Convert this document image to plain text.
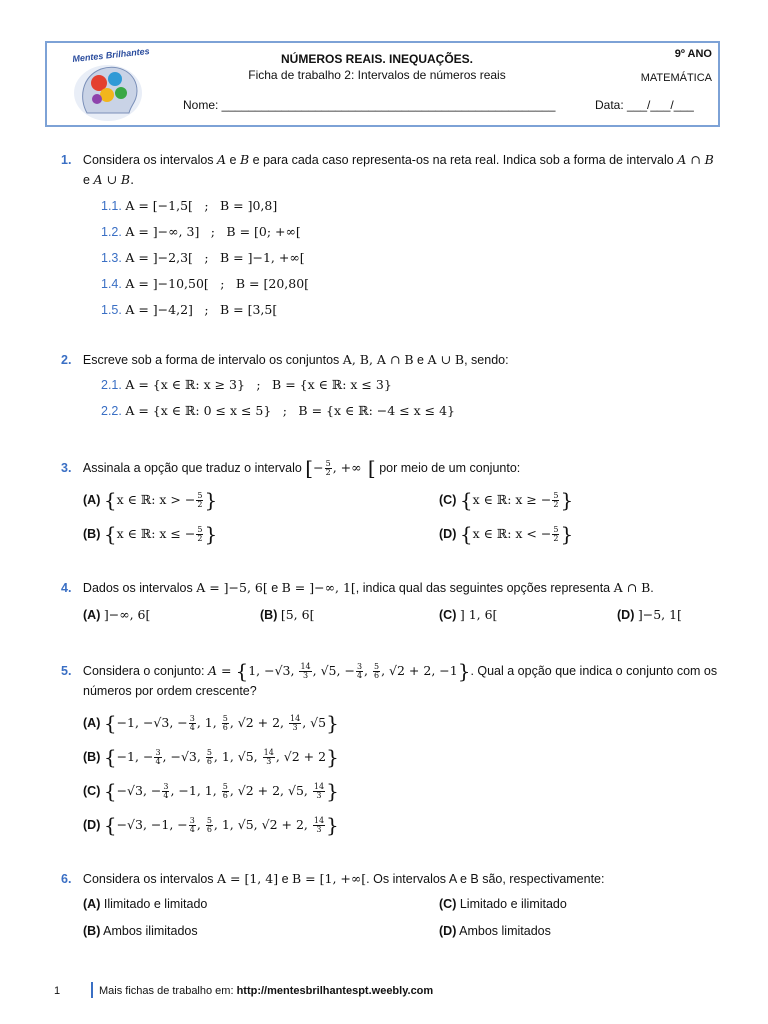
Mentes Brilhantes	NÚMEROS REAIS. INEQUAÇÕES.
Ficha de trabalho 2: Intervalos de números reais
Nome: __________________________________________________	Data: ___/___/___
9º ANO
MATEMÁTICA
1. Considera os intervalos A e B e para cada caso representa-os na reta real. Indica sob a forma de intervalo A ∩ B
e A ∪ B.
1.1. A = [−1,5[   ;   B = ]0,8]
1.2. A = ]−∞, 3]   ;   B = [0; +∞[
1.3. A = ]−2,3[   ;   B = ]−1, +∞[
1.4. A = ]−10,50[   ;   B = [20,80[
1.5. A = ]−4,2]   ;   B = [3,5[
2. Escreve sob a forma de intervalo os conjuntos A, B, A ∩ B e A ∪ B, sendo:
2.1. A = {x ∈ ℝ: x ≥ 3}   ;   B = {x ∈ ℝ: x ≤ 3}
2.2. A = {x ∈ ℝ: 0 ≤ x ≤ 5}   ;   B = {x ∈ ℝ: −4 ≤ x ≤ 4}
3. Assinala a opção que traduz o intervalo [− $\frac{5}{2}$ , +∞ [ por meio de um conjunto:
(A) {x ∈ ℝ: x > − $\frac{5}{2}$ }
(B) {x ∈ ℝ: x ≤ − $\frac{5}{2}$ }
(C) {x ∈ ℝ: x ≥ − $\frac{5}{2}$ }
(D) {x ∈ ℝ: x < − $\frac{5}{2}$ }
4. Dados os intervalos A = ]−5, 6[ e B = ]−∞, 1[, indica qual das seguintes opções representa A ∩ B.
(A) ]−∞, 6[	(B) [5, 6[	(C) ] 1, 6[	(D) ]−5, 1[
5. Considera o conjunto: A = {1, −√3, $\frac{14}{3}$ , √5, − $\frac{3}{4}$ , $\frac{5}{6}$ , √2 + 2, −1}. Qual a opção que indica o conjunto com os
números por ordem crescente?
(A) {−1, −√3, − $\frac{3}{4}$ , 1, $\frac{5}{6}$ , √2 + 2, $\frac{14}{3}$ , √5}
(B) {−1, − $\frac{3}{4}$ , −√3, $\frac{5}{6}$ , 1, √5, $\frac{14}{3}$ , √2 + 2}
(C) {−√3, − $\frac{3}{4}$ , −1, 1, $\frac{5}{6}$ , √2 + 2, √5, $\frac{14}{3}$ }
(D) {−√3, −1, − $\frac{3}{4}$ , $\frac{5}{6}$ , 1, √5, √2 + 2, $\frac{14}{3}$ }
6. Considera os intervalos A = [1, 4] e B = [1, +∞[. Os intervalos A e B são, respectivamente:
(A) Ilimitado e limitado
(B) Ambos ilimitados
(C) Limitado e ilimitado
(D) Ambos limitados
1	Mais fichas de trabalho em: http://mentesbrilhantespt.weebly.com
